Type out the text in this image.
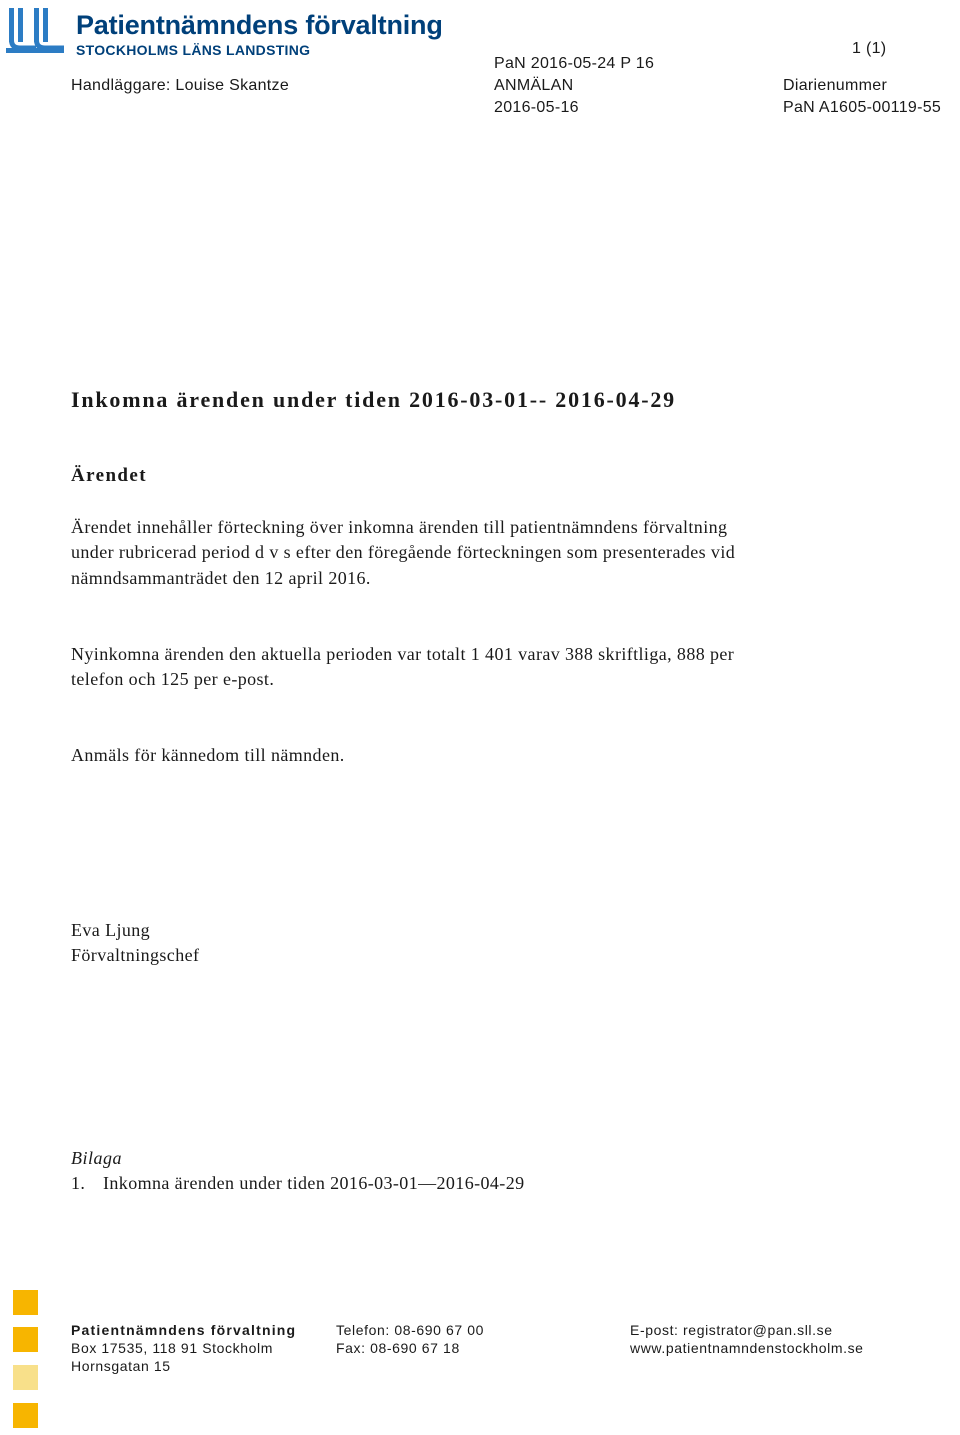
Patientnämndens förvaltning
STOCKHOLMS LÄNS LANDSTING	1 (1)
Handläggare: Louise Skantze
PaN 2016-05-24 P 16
ANMÄLAN
2016-05-16
Diarienummer
PaN A1605-00119-55
Inkomna ärenden under tiden 2016-03-01-- 2016-04-29
Ärendet

Ärendet innehåller förteckning över inkomna ärenden till patientnämndens förvaltning under rubricerad period d v s efter den föregående förteckningen som presenterades vid nämndsammanträdet den 12 april 2016.

Nyinkomna ärenden den aktuella perioden var totalt 1 401 varav 388 skriftliga, 888 per telefon och 125 per e-post.

Anmäls för kännedom till nämnden.

Eva Ljung
Förvaltningschef
Bilaga
1. Inkomna ärenden under tiden 2016-03-01—2016-04-29
Patientnämndens förvaltning
Box 17535, 118 91 Stockholm
Hornsgatan 15
Telefon: 08-690 67 00
Fax: 08-690 67 18
E-post: registrator@pan.sll.se
www.patientnamndenstockholm.se
